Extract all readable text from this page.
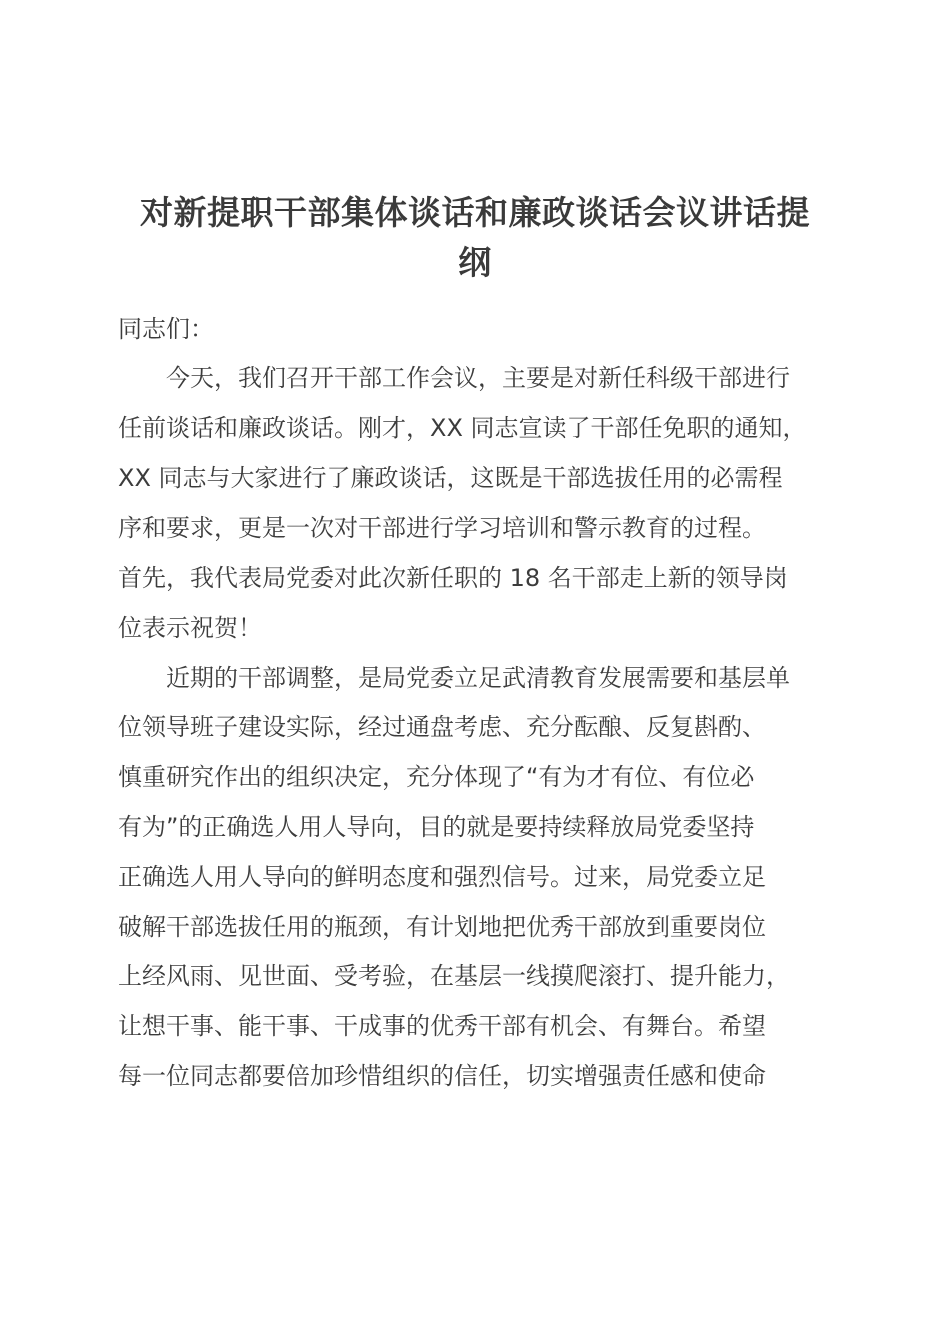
对新提职干部集体谈话和廉政谈话会议讲话提
纲
同志们：
　　今天，我们召开干部工作会议，主要是对新任科级干部进行
任前谈话和廉政谈话。刚才，XX 同志宣读了干部任免职的通知，
XX 同志与大家进行了廉政谈话，这既是干部选拔任用的必需程
序和要求，更是一次对干部进行学习培训和警示教育的过程。
首先，我代表局党委对此次新任职的 18 名干部走上新的领导岗
位表示祝贺！
　　近期的干部调整，是局党委立足武清教育发展需要和基层单
位领导班子建设实际，经过通盘考虑、充分酝酿、反复斟酌、
慎重研究作出的组织决定，充分体现了“有为才有位、有位必
有为”的正确选人用人导向，目的就是要持续释放局党委坚持
正确选人用人导向的鲜明态度和强烈信号。过来，局党委立足
破解干部选拔任用的瓶颈，有计划地把优秀干部放到重要岗位
上经风雨、见世面、受考验，在基层一线摸爬滚打、提升能力，
让想干事、能干事、干成事的优秀干部有机会、有舞台。希望
每一位同志都要倍加珍惜组织的信任，切实增强责任感和使命
